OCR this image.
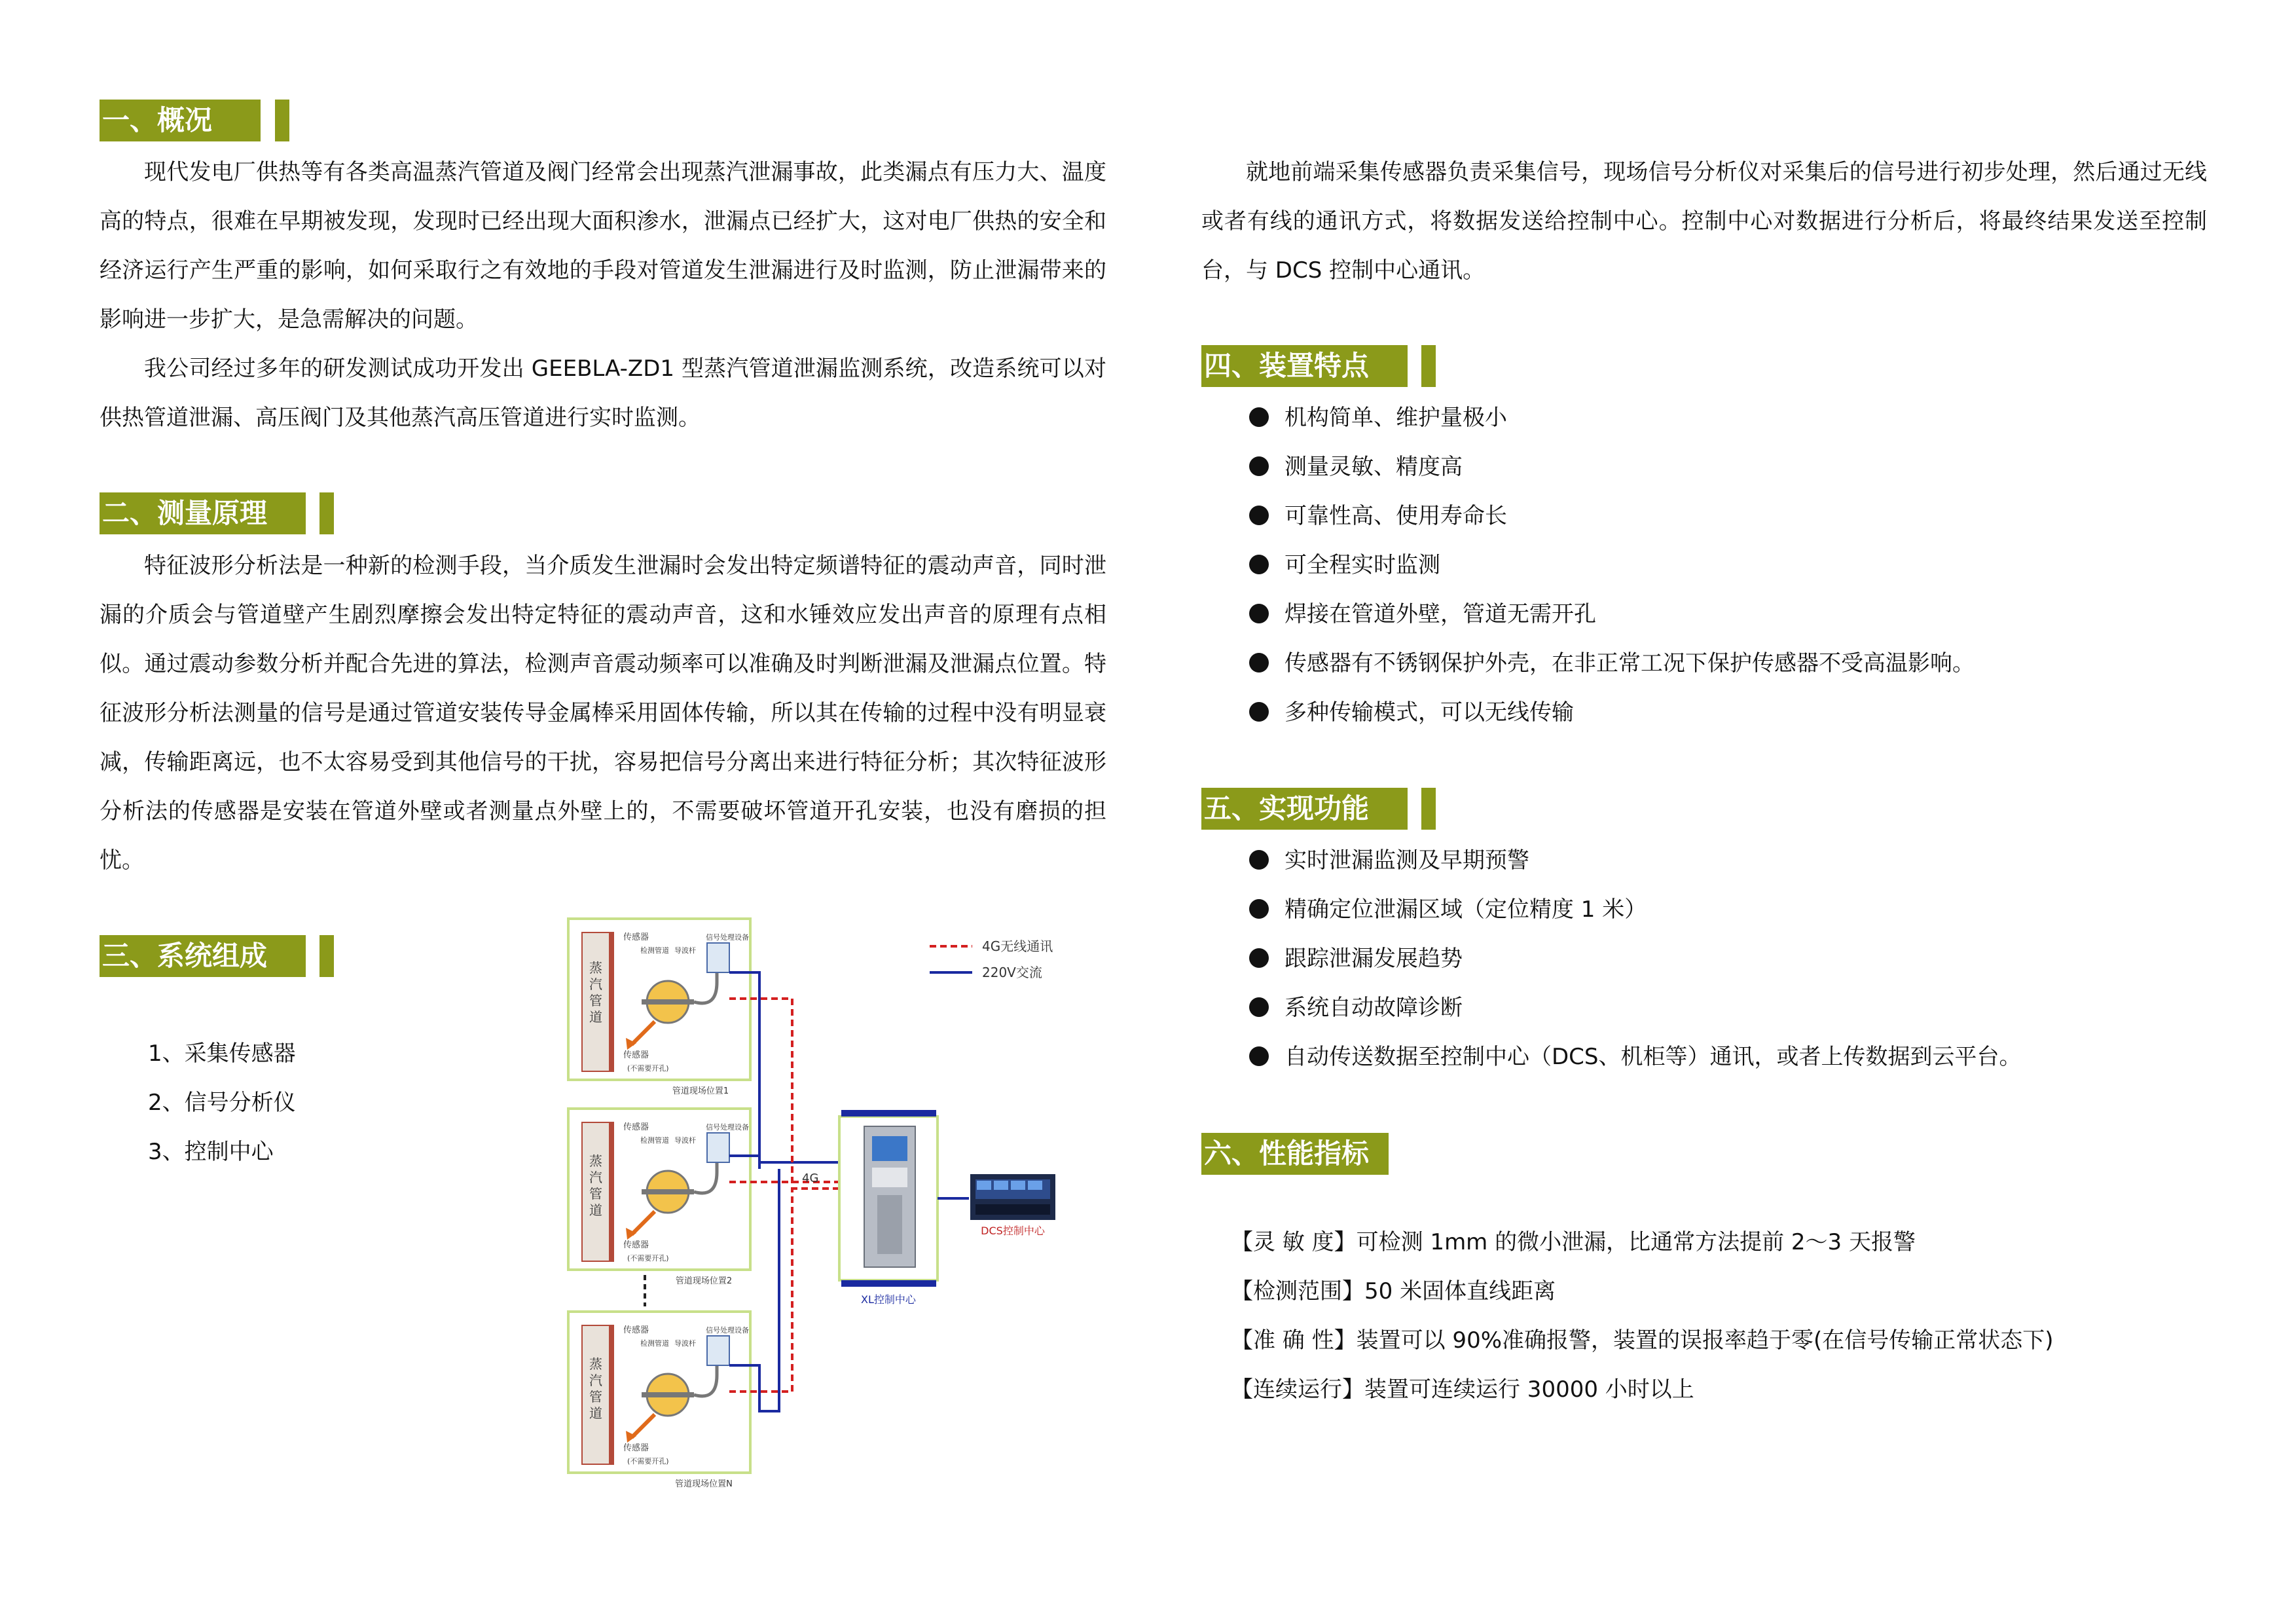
一、概况

现代发电厂供热等有各类高温蒸汽管道及阀门经常会出现蒸汽泄漏事故，此类漏点有压力大、温度高的特点，很难在早期被发现，发现时已经出现大面积渗水，泄漏点已经扩大，这对电厂供热的安全和经济运行产生严重的影响，如何采取行之有效地的手段对管道发生泄漏进行及时监测，防止泄漏带来的影响进一步扩大，是急需解决的问题。

我公司经过多年的研发测试成功开发出 GEEBLA-ZD1 型蒸汽管道泄漏监测系统，改造系统可以对供热管道泄漏、高压阀门及其他蒸汽高压管道进行实时监测。

二、测量原理

特征波形分析法是一种新的检测手段，当介质发生泄漏时会发出特定频谱特征的震动声音，同时泄漏的介质会与管道壁产生剧烈摩擦会发出特定特征的震动声音，这和水锤效应发出声音的原理有点相似。通过震动参数分析并配合先进的算法，检测声音震动频率可以准确及时判断泄漏及泄漏点位置。特征波形分析法测量的信号是通过管道安装传导金属棒采用固体传输，所以其在传输的过程中没有明显衰减，传输距离远，也不太容易受到其他信号的干扰，容易把信号分离出来进行特征分析；其次特征波形分析法的传感器是安装在管道外壁或者测量点外壁上的，不需要破坏管道开孔安装，也没有磨损的担忧。

三、系统组成
1、采集传感器
2、信号分析仪
3、控制中心
4G无线通讯
220V交流
蒸
汽
管
道
传感器
检测管道 导波杆
信号处理设备
传感器
(不需要开孔)
管道现场位置1
蒸
汽
管
道
传感器
检测管道 导波杆
信号处理设备
传感器
(不需要开孔)
管道现场位置2
蒸
汽
管
道
传感器
检测管道 导波杆
信号处理设备
传感器
(不需要开孔)
管道现场位置N
4G
XL控制中心
DCS控制中心

就地前端采集传感器负责采集信号，现场信号分析仪对采集后的信号进行初步处理，然后通过无线或者有线的通讯方式，将数据发送给控制中心。控制中心对数据进行分析后，将最终结果发送至控制台，与 DCS 控制中心通讯。

四、装置特点
机构简单、维护量极小
测量灵敏、精度高
可靠性高、使用寿命长
可全程实时监测
焊接在管道外壁，管道无需开孔
传感器有不锈钢保护外壳，在非正常工况下保护传感器不受高温影响。
多种传输模式，可以无线传输
五、实现功能
实时泄漏监测及早期预警
精确定位泄漏区域（定位精度 1 米）
跟踪泄漏发展趋势
系统自动故障诊断
自动传送数据至控制中心（DCS、机柜等）通讯，或者上传数据到云平台。
六、性能指标
【灵 敏 度】可检测 1mm 的微小泄漏，比通常方法提前 2～3 天报警
【检测范围】50 米固体直线距离
【准 确 性】装置可以 90%准确报警，装置的误报率趋于零(在信号传输正常状态下)
【连续运行】装置可连续运行 30000 小时以上
